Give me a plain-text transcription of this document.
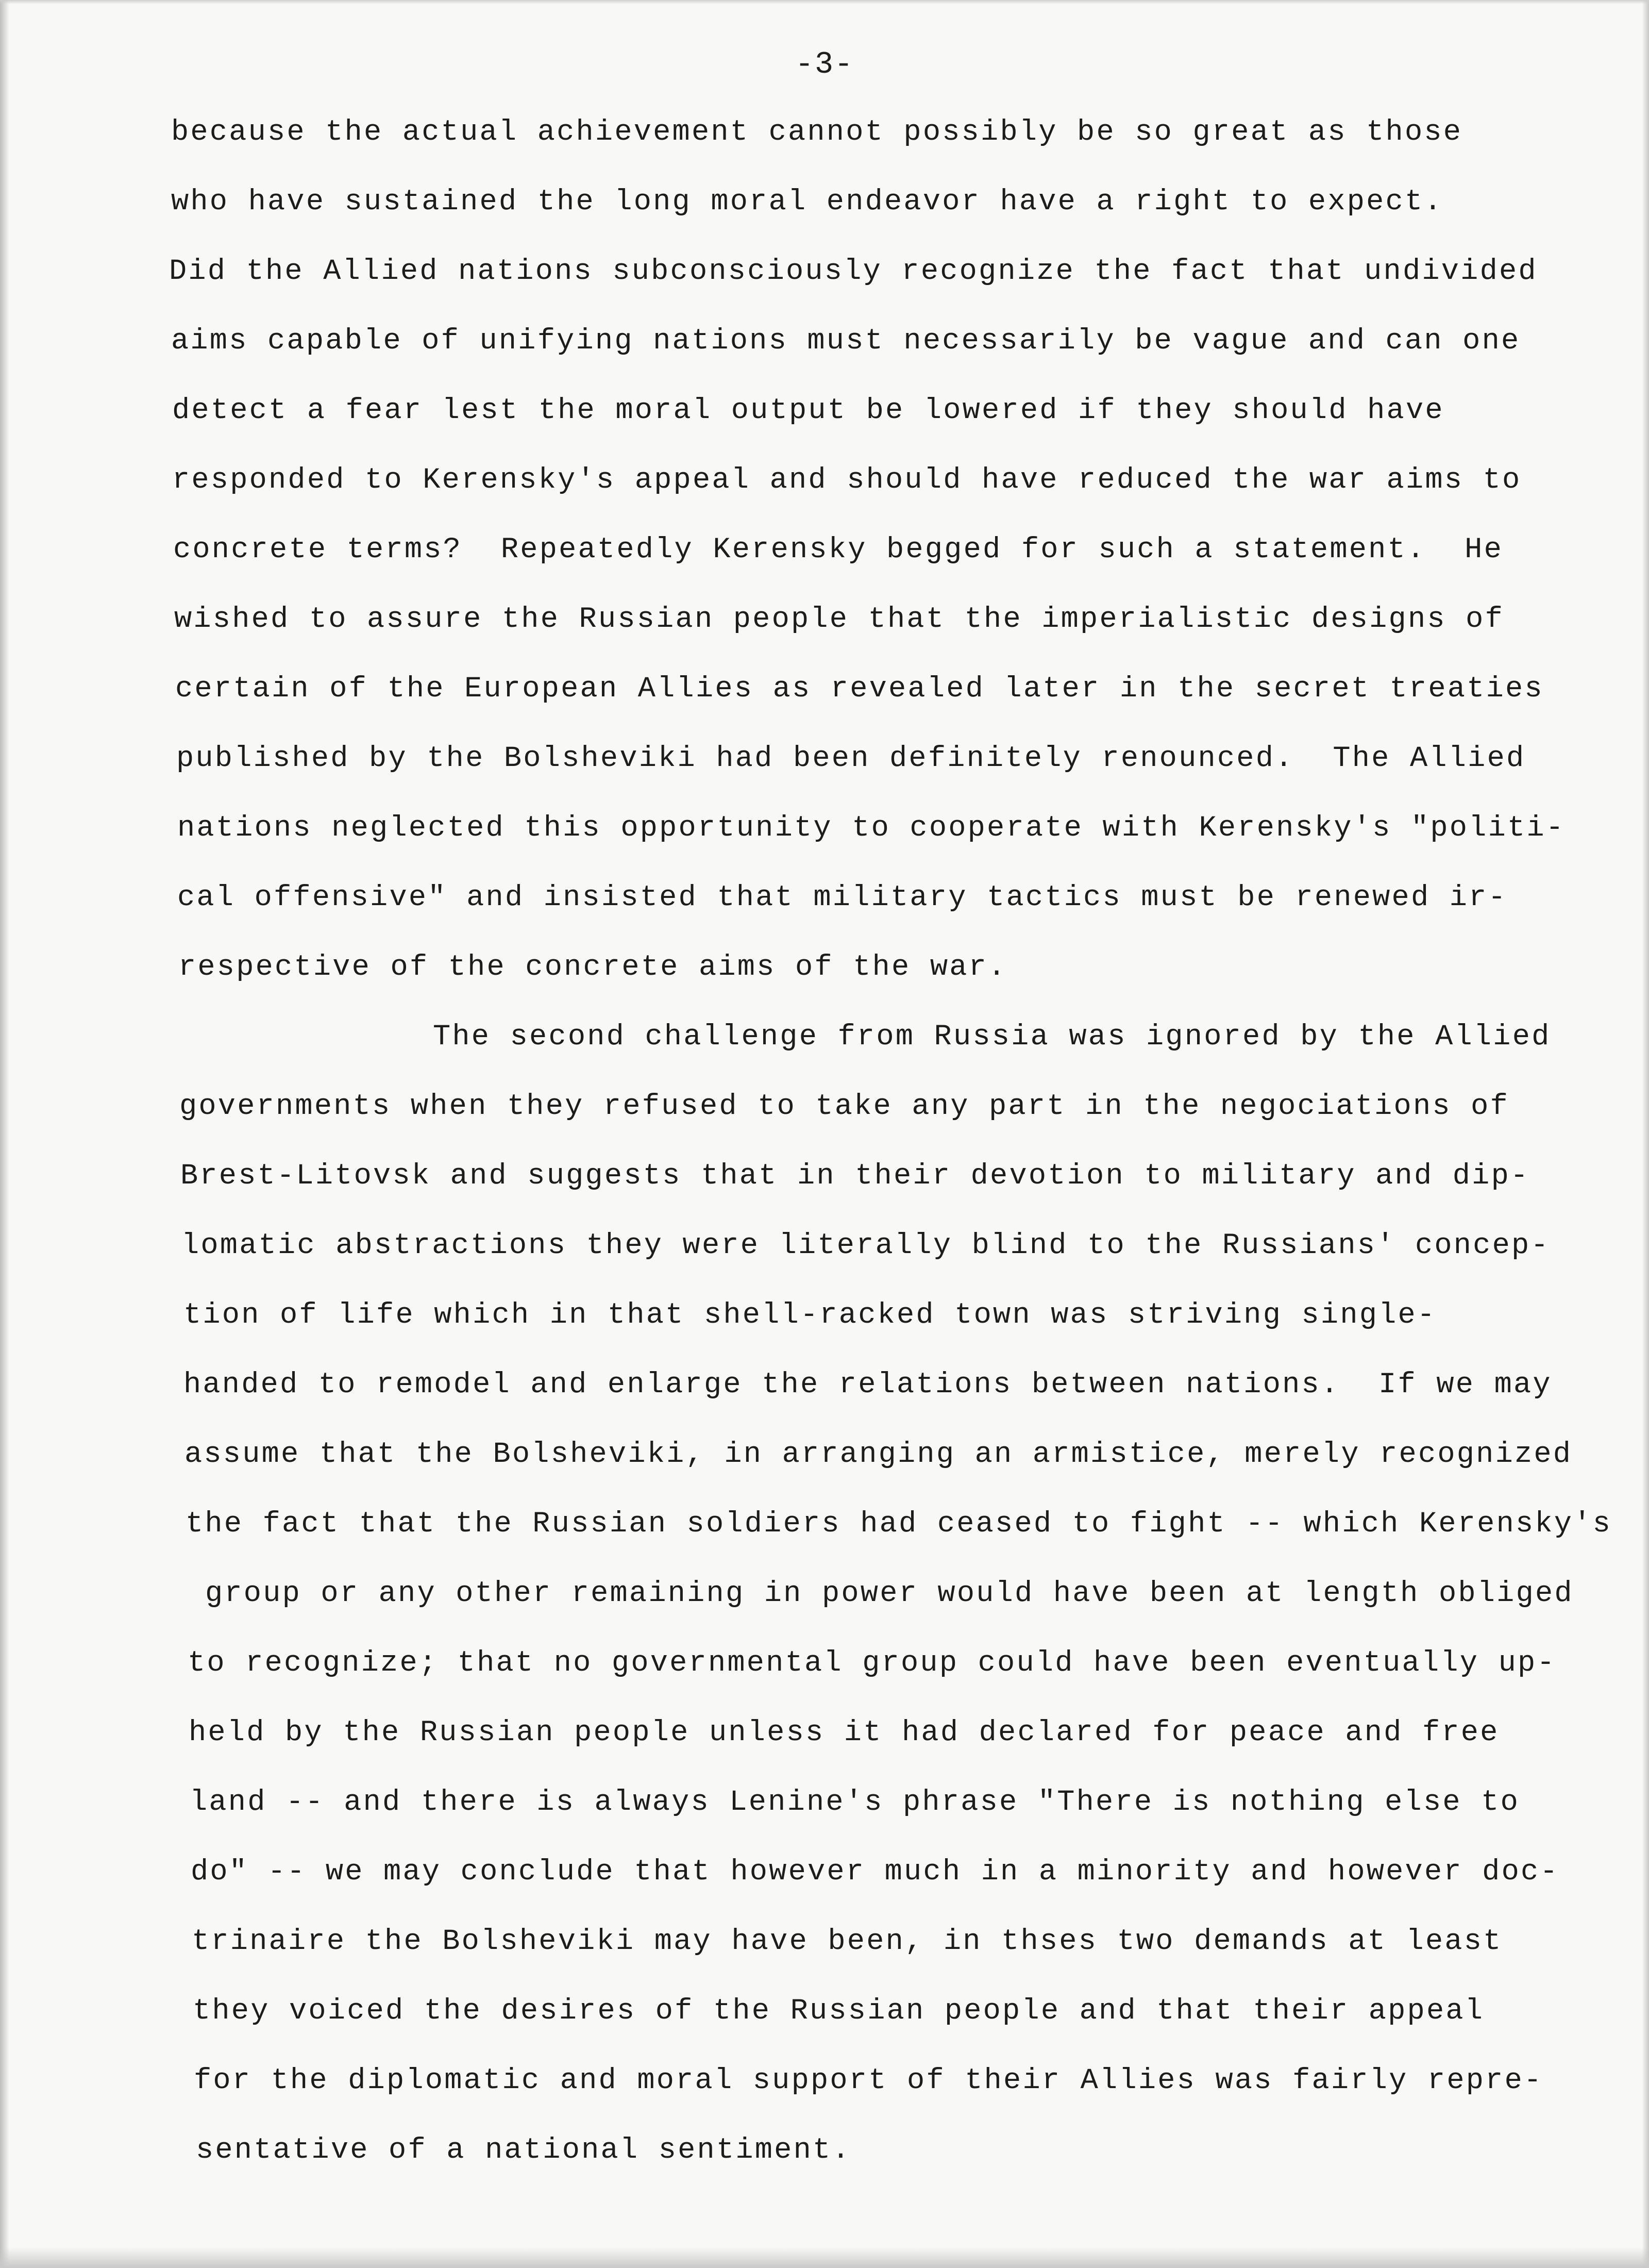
-3-
because the actual achievement cannot possibly be so great as those
who have sustained the long moral endeavor have a right to expect.
Did the Allied nations subconsciously recognize the fact that undivided
aims capable of unifying nations must necessarily be vague and can one
detect a fear lest the moral output be lowered if they should have
responded to Kerensky's appeal and should have reduced the war aims to
concrete terms?  Repeatedly Kerensky begged for such a statement.  He
wished to assure the Russian people that the imperialistic designs of
certain of the European Allies as revealed later in the secret treaties
published by the Bolsheviki had been definitely renounced.  The Allied
nations neglected this opportunity to cooperate with Kerensky's "politi-
cal offensive" and insisted that military tactics must be renewed ir-
respective of the concrete aims of the war.
The second challenge from Russia was ignored by the Allied
governments when they refused to take any part in the negociations of
Brest-Litovsk and suggests that in their devotion to military and dip-
lomatic abstractions they were literally blind to the Russians' concep-
tion of life which in that shell-racked town was striving single-
handed to remodel and enlarge the relations between nations.  If we may
assume that the Bolsheviki, in arranging an armistice, merely recognized
the fact that the Russian soldiers had ceased to fight -- which Kerensky's
group or any other remaining in power would have been at length obliged
to recognize; that no governmental group could have been eventually up-
held by the Russian people unless it had declared for peace and free
land -- and there is always Lenine's phrase "There is nothing else to
do" -- we may conclude that however much in a minority and however doc-
trinaire the Bolsheviki may have been, in thses two demands at least
they voiced the desires of the Russian people and that their appeal
for the diplomatic and moral support of their Allies was fairly repre-
sentative of a national sentiment.
